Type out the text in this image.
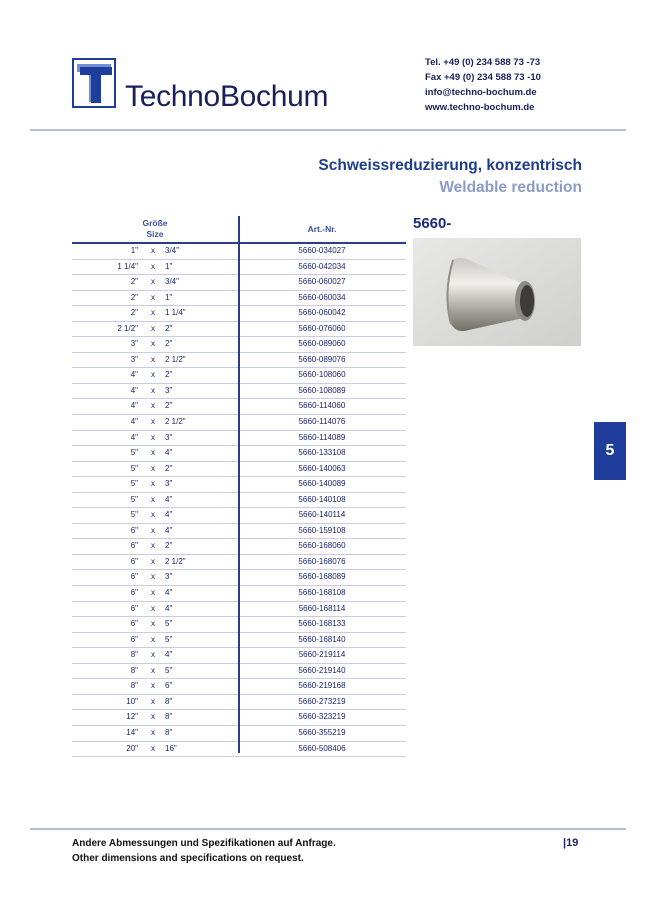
TechnoBochum
Tel. +49 (0) 234 588 73 -73
Fax +49 (0) 234 588 73 -10
info@techno-bochum.de
www.techno-bochum.de
Schweissreduzierung, konzentrisch
Weldable reduction
5660-
5
Größe
Size	Art.-Nr.
1" x 3/4"	5660-034027
1 1/4" x 1"	5660-042034
2" x 3/4"	5660-060027
2" x 1"	5660-060034
2" x 1 1/4"	5660-060042
2 1/2" x 2"	5660-076060
3" x 2"	5660-089060
3" x 2 1/2"	5660-089076
4" x 2"	5660-108060
4" x 3"	5660-108089
4" x 2"	5660-114060
4" x 2 1/2"	5660-114076
4" x 3"	5660-114089
5" x 4"	5660-133108
5" x 2"	5660-140063
5" x 3"	5660-140089
5" x 4"	5660-140108
5" x 4"	5660-140114
6" x 4"	5660-159108
6" x 2"	5660-168060
6" x 2 1/2"	5660-168076
6" x 3"	5660-168089
6" x 4"	5660-168108
6" x 4"	5660-168114
6" x 5"	5660-168133
6" x 5"	5660-168140
8" x 4"	5660-219114
8" x 5"	5660-219140
8" x 6"	5660-219168
10" x 8"	5660-273219
12" x 8"	5660-323219
14" x 8"	5660-355219
20" x 16"	5660-508406
Andere Abmessungen und Spezifikationen auf Anfrage.
Other dimensions and specifications on request.
|19
